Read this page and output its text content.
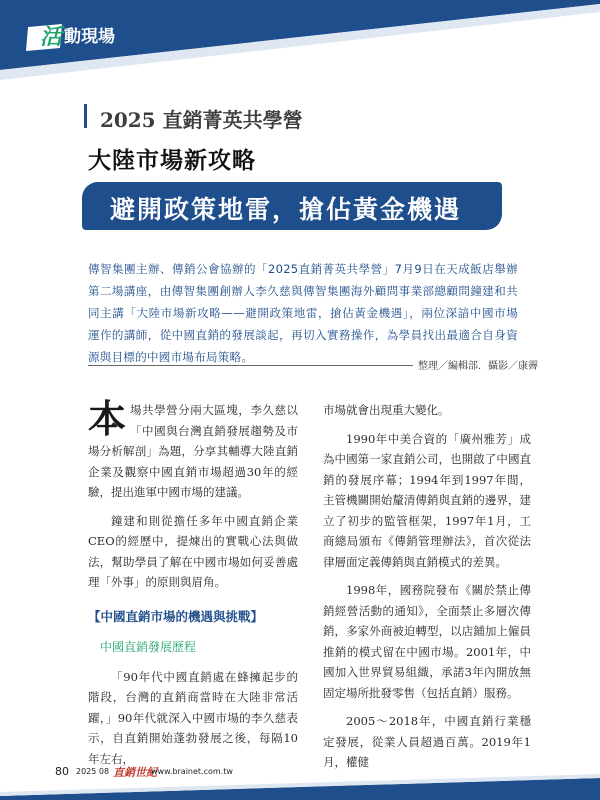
活 動現場
2025 直銷菁英共學營
大陸市場新攻略
避開政策地雷，搶佔黃金機遇
傳智集團主辦、傳銷公會協辦的「2025直銷菁英共學營」7月9日在天成飯店舉辦第二場講座，由傳智集團創辦人李久慈與傳智集團海外顧問事業部總顧問鐘建和共同主講「大陸市場新攻略——避開政策地雷，搶佔黃金機遇」，兩位深諳中國市場運作的講師，從中國直銷的發展談起，再切入實務操作，為學員找出最適合自身資源與目標的中國市場布局策略。
整理／編輯部．攝影／康霽

本場共學營分兩大區塊，李久慈以「中國與台灣直銷發展趨勢及市場分析解剖」為題，分享其輔導大陸直銷企業及觀察中國直銷市場超過30年的經驗，提出進軍中國市場的建議。

鐘建和則從擔任多年中國直銷企業CEO的經歷中，提煉出的實戰心法與做法，幫助學員了解在中國市場如何妥善處理「外事」的原則與眉角。

【中國直銷市場的機遇與挑戰】
中國直銷發展歷程

「90年代中國直銷處在蜂擁起步的階段，台灣的直銷商當時在大陸非常活躍，」90年代就深入中國市場的李久慈表示，自直銷開始蓬勃發展之後，每隔10 年左右，

市場就會出現重大變化。

1990年中美合資的「廣州雅芳」成為中國第一家直銷公司，也開啟了中國直銷的發展序幕；1994年到1997年間，主管機關開始釐清傳銷與直銷的邊界，建立了初步的監管框架，1997年1月，工商總局頒布《傳銷管理辦法》，首次從法律層面定義傳銷與直銷模式的差異。

1998年，國務院發布《關於禁止傳銷經營活動的通知》，全面禁止多層次傳銷，多家外商被迫轉型，以店鋪加上僱員推銷的模式留在中國市場。2001年，中國加入世界貿易組織，承諾3年內開放無固定場所批發零售（包括直銷）服務。

2005～2018年，中國直銷行業穩定發展，從業人員超過百萬。2019年1月，權健

80 2025 08 直銷世紀
www.brainet.com.tw
